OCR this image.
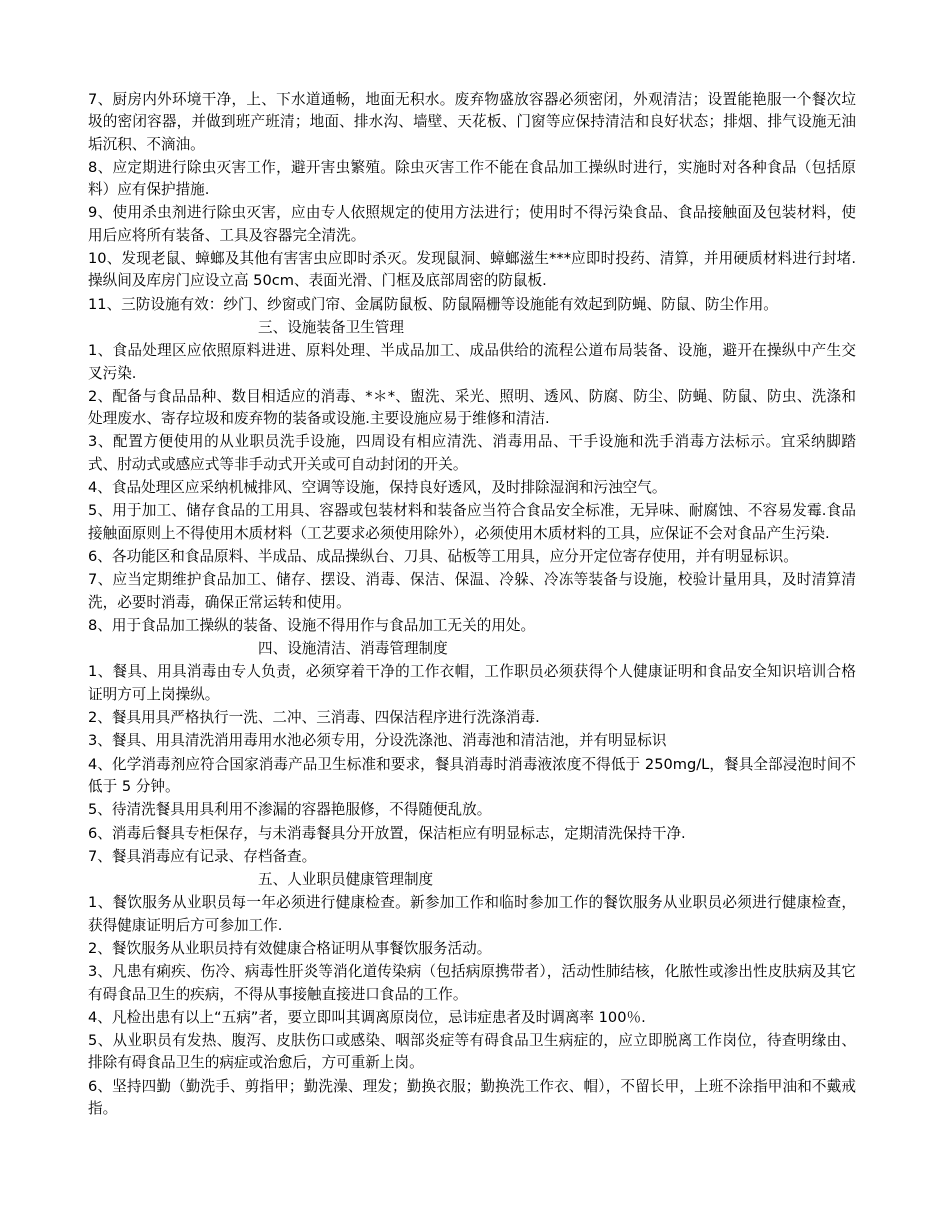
7、厨房内外环境干净，上、下水道通畅，地面无积水。废弃物盛放容器必须密闭，外观清洁；设置能艳服一个餐次垃圾的密闭容器，并做到班产班清；地面、排水沟、墙壁、天花板、门窗等应保持清洁和良好状态；排烟、排气设施无油垢沉积、不滴油。

8、应定期进行除虫灭害工作，避开害虫繁殖。除虫灭害工作不能在食品加工操纵时进行，实施时对各种食品（包括原料）应有保护措施.

9、使用杀虫剂进行除虫灭害，应由专人依照规定的使用方法进行；使用时不得污染食品、食品接触面及包装材料，使用后应将所有装备、工具及容器完全清洗。

10、发现老鼠、蟑螂及其他有害害虫应即时杀灭。发现鼠洞、蟑螂滋生***应即时投药、清算，并用硬质材料进行封堵.操纵间及库房门应设立高 50cm、表面光滑、门框及底部周密的防鼠板.

11、三防设施有效：纱门、纱窗或门帘、金属防鼠板、防鼠隔栅等设施能有效起到防蝇、防鼠、防尘作用。

三、设施装备卫生管理

1、食品处理区应依照原料进进、原料处理、半成品加工、成品供给的流程公道布局装备、设施，避开在操纵中产生交叉污染.

2、配备与食品品种、数目相适应的消毒、*＊*、盥洗、采光、照明、透风、防腐、防尘、防蝇、防鼠、防虫、洗涤和处理废水、寄存垃圾和废弃物的装备或设施.主要设施应易于维修和清洁.

3、配置方便使用的从业职员洗手设施，四周设有相应清洗、消毒用品、干手设施和洗手消毒方法标示。宜采纳脚踏式、肘动式或感应式等非手动式开关或可自动封闭的开关。

4、食品处理区应采纳机械排风、空调等设施，保持良好透风，及时排除湿润和污浊空气。

5、用于加工、储存食品的工用具、容器或包装材料和装备应当符合食品安全标准，无异味、耐腐蚀、不容易发霉.食品接触面原则上不得使用木质材料（工艺要求必须使用除外），必须使用木质材料的工具，应保证不会对食品产生污染.

6、各功能区和食品原料、半成品、成品操纵台、刀具、砧板等工用具，应分开定位寄存使用，并有明显标识。

7、应当定期维护食品加工、储存、摆设、消毒、保洁、保温、冷躲、冷冻等装备与设施，校验计量用具，及时清算清洗，必要时消毒，确保正常运转和使用。

8、用于食品加工操纵的装备、设施不得用作与食品加工无关的用处。

四、设施清洁、消毒管理制度

1、餐具、用具消毒由专人负责，必须穿着干净的工作衣帽，工作职员必须获得个人健康证明和食品安全知识培训合格证明方可上岗操纵。

2、餐具用具严格执行一洗、二冲、三消毒、四保洁程序进行洗涤消毒.

3、餐具、用具清洗消用毒用水池必须专用，分设洗涤池、消毒池和清洁池，并有明显标识

4、化学消毒剂应符合国家消毒产品卫生标准和要求，餐具消毒时消毒液浓度不得低于 250mg/L，餐具全部浸泡时间不低于 5 分钟。

5、待清洗餐具用具利用不渗漏的容器艳服修，不得随便乱放。

6、消毒后餐具专柜保存，与未消毒餐具分开放置，保洁柜应有明显标志，定期清洗保持干净.

7、餐具消毒应有记录、存档备查。

五、人业职员健康管理制度

1、餐饮服务从业职员每一年必须进行健康检查。新参加工作和临时参加工作的餐饮服务从业职员必须进行健康检查，获得健康证明后方可参加工作.

2、餐饮服务从业职员持有效健康合格证明从事餐饮服务活动。

3、凡患有痢疾、伤冷、病毒性肝炎等消化道传染病（包括病原携带者），活动性肺结核，化脓性或渗出性皮肤病及其它有碍食品卫生的疾病，不得从事接触直接进口食品的工作。

4、凡检出患有以上“五病”者，要立即叫其调离原岗位，忌讳症患者及时调离率 100％.

5、从业职员有发热、腹泻、皮肤伤口或感染、咽部炎症等有碍食品卫生病症的，应立即脱离工作岗位，待查明缘由、排除有碍食品卫生的病症或治愈后，方可重新上岗。

6、坚持四勤（勤洗手、剪指甲；勤洗澡、理发；勤换衣服；勤换洗工作衣、帽），不留长甲，上班不涂指甲油和不戴戒指。
